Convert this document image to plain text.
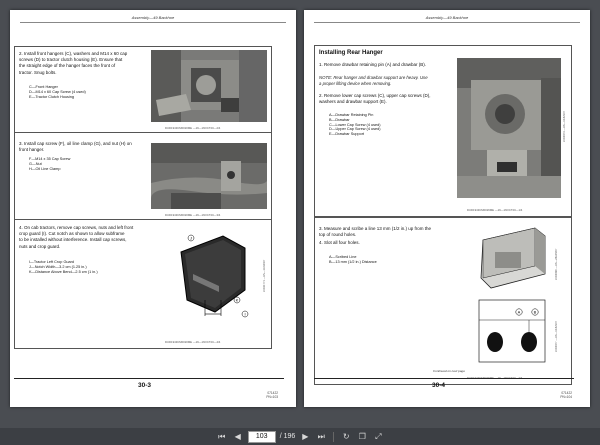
Assembly—49 Backhoe
2. Install front hangers (C), washers and M14 x 60 cap
screws (D) to tractor clutch housing (E). Ensure that
the straight edge of the hanger faces the front of
tractor. Snug bolts.
C—Front Hanger
D—M14 x 60 Cap Screw (4 used)
E—Tractor Clutch Housing
DUD1943CM0020ME —19—16OCT20—2/4
3. Install cap screw (F), oil line clamp (G), and nut (H) on
front hanger.
F—M14 x 35 Cap Screw
G—Nut
H—Oil Line Clamp
DUD1943CM0020ME —19—16OCT20—3/4
4. On cab tractors, remove cap screws, nuts and left front
crop guard (I). Cut notch as shown to allow subframe
to be installed without interference. Install cap screws,
nuts and crop guard.
I—Tractor Left Crop Guard
J—Notch Width—3.2 cm (1.25 in.)
K—Distance Above Bend—2.5 cm (1 in.)
J
K
I
LVR11771 —UN—13JUN07
DUD1943CM0020ME —19—16OCT20—4/4
30-3
071422
PN=103
Assembly—49 Backhoe
Installing Rear Hanger
1. Remove drawbar retaining pin (A) and drawbar (B).
NOTE: Rear hanger and drawbar support are heavy. Use
a proper lifting device when removing.
2. Remove lower cap screws (C), upper cap screws (D),
washers and drawbar support (E).
A—Drawbar Retaining Pin
B—Drawbar
C—Lower Cap Screw (4 used)
D—Upper Cap Screw (4 used)
E—Drawbar Support	LVR9474 —UN—10JUN07
DUD1943CM0026ME —19—16OCT20—1/4
3. Measure and scribe a line 13 mm (1/2 in.) up from the
top of round holes.
4. Slot all four holes.
A—Scribed Line
B—13 mm (1/2 in.) Distance
A	B
LVR9499 —UN—26APR07
LVR9477 —UN—10JUN07
Continued on next page
DUD1943CM0026ME —19—16OCT20—2/4
30-4
071422
PN=104
⏮	◀
103	/ 196 ▶	⏭	↻	❐	⤢
